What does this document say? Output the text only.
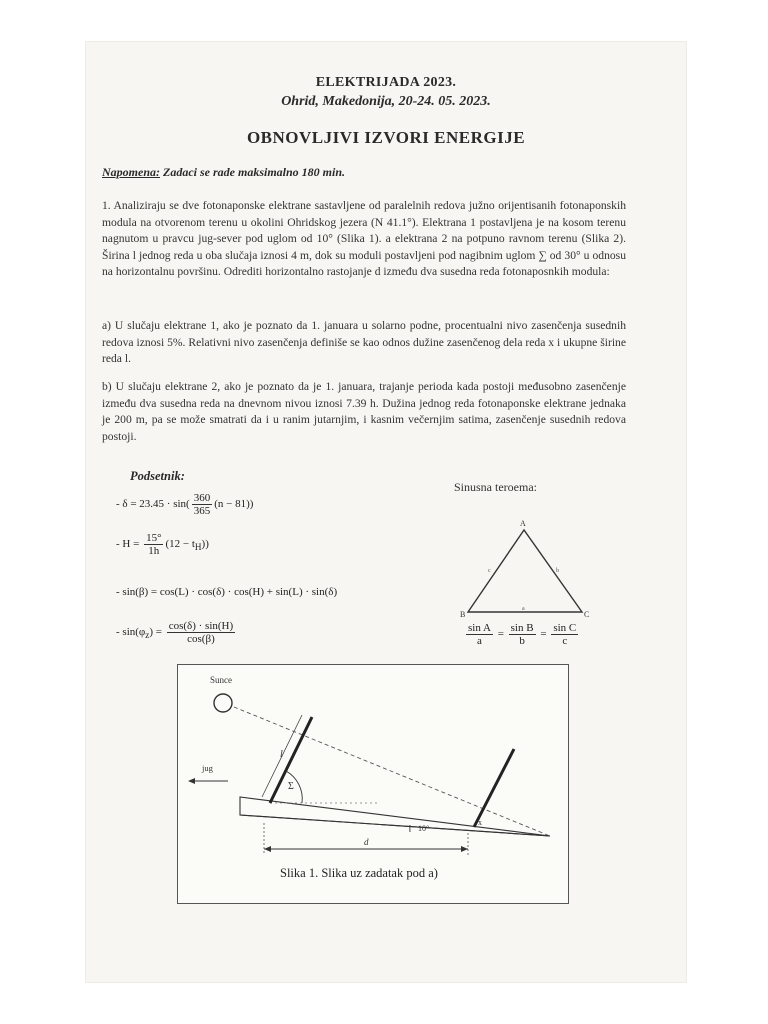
ELEKTRIJADA 2023.
Ohrid, Makedonija, 20-24. 05. 2023.
OBNOVLJIVI IZVORI ENERGIJE
Napomena: Zadaci se rade maksimalno 180 min.
1. Analiziraju se dve fotonaponske elektrane sastavljene od paralelnih redova južno orijentisanih fotonaponskih modula na otvorenom terenu u okolini Ohridskog jezera (N 41.1°). Elektrana 1 postavljena je na kosom terenu nagnutom u pravcu jug-sever pod uglom od 10° (Slika 1). a elektrana 2 na potpuno ravnom terenu (Slika 2). Širina l jednog reda u oba slučaja iznosi 4 m, dok su moduli postavljeni pod nagibnim uglom ∑ od 30° u odnosu na horizontalnu površinu. Odrediti horizontalno rastojanje d između dva susedna reda fotonaposnkih modula:
a) U slučaju elektrane 1, ako je poznato da 1. januara u solarno podne, procentualni nivo zasenčenja susednih redova iznosi 5%. Relativni nivo zasenčenja definiše se kao odnos dužine zasenčenog dela reda x i ukupne širine reda l.
b) U slučaju elektrane 2, ako je poznato da je 1. januara, trajanje perioda kada postoji međusobno zasenčenje između dva susedna reda na dnevnom nivou iznosi 7.39 h. Dužina jednog reda fotonaponske elektrane jednaka je 200 m, pa se može smatrati da i u ranim jutarnjim, i kasnim večernjim satima, zasenčenje susednih redova postoji.
Podsetnik:
- $\delta = 23.45 \cdot \sin( \frac{360}{365} (n - 81))$
- $H = \frac{15^\circ}{1h} (12 - t_H)$)
- sin(β) = cos(L) · cos(δ) · cos(H) + sin(L) · sin(δ)
- $\sin(\varphi_z) = \frac{\cos(\delta) \cdot \sin(H)}{\cos(\beta)}$
Sinusna teroema:
A
B	C
a
b
c
$\frac{\text{sin A}}{a} = \frac{\text{sin B}}{b} = \frac{\text{sin C}}{c}$
Sunce
jug
l
Σ
x
10°
d
Slika 1. Slika uz zadatak pod a)
